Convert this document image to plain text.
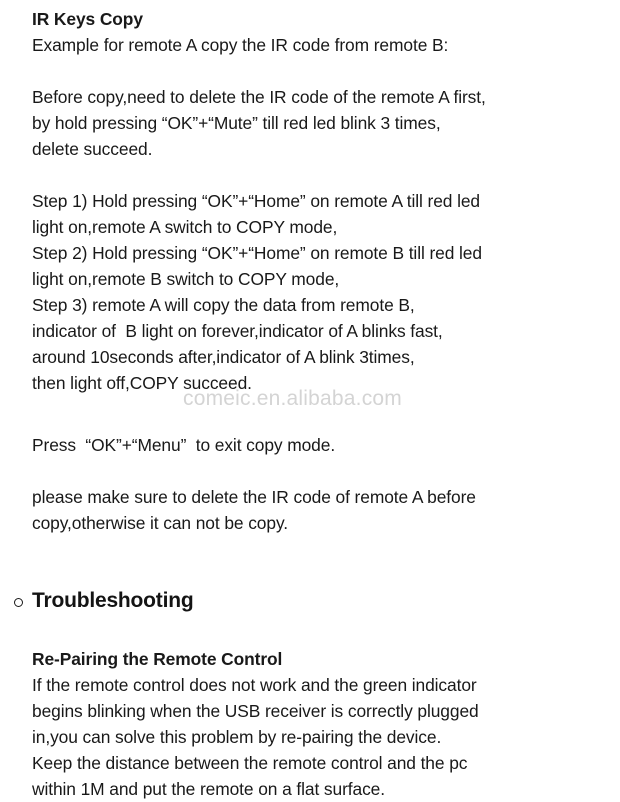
IR Keys Copy
Example for remote A copy the IR code from remote B:
Before copy,need to delete the IR code of the remote A first,
by hold pressing “OK”+“Mute” till red led blink 3 times,
delete succeed.
Step 1) Hold pressing “OK”+“Home” on remote A till red led
light on,remote A switch to COPY mode,
Step 2) Hold pressing “OK”+“Home” on remote B till red led
light on,remote B switch to COPY mode,
Step 3) remote A will copy the data from remote B,
indicator of  B light on forever,indicator of A blinks fast,
around 10seconds after,indicator of A blink 3times,
then light off,COPY succeed.
Press  “OK”+“Menu”  to exit copy mode.
please make sure to delete the IR code of remote A before
copy,otherwise it can not be copy.
comeic.en.alibaba.com
Troubleshooting
Re-Pairing the Remote Control
If the remote control does not work and the green indicator
begins blinking when the USB receiver is correctly plugged
in,you can solve this problem by re-pairing the device.
Keep the distance between the remote control and the pc
within 1M and put the remote on a flat surface.
